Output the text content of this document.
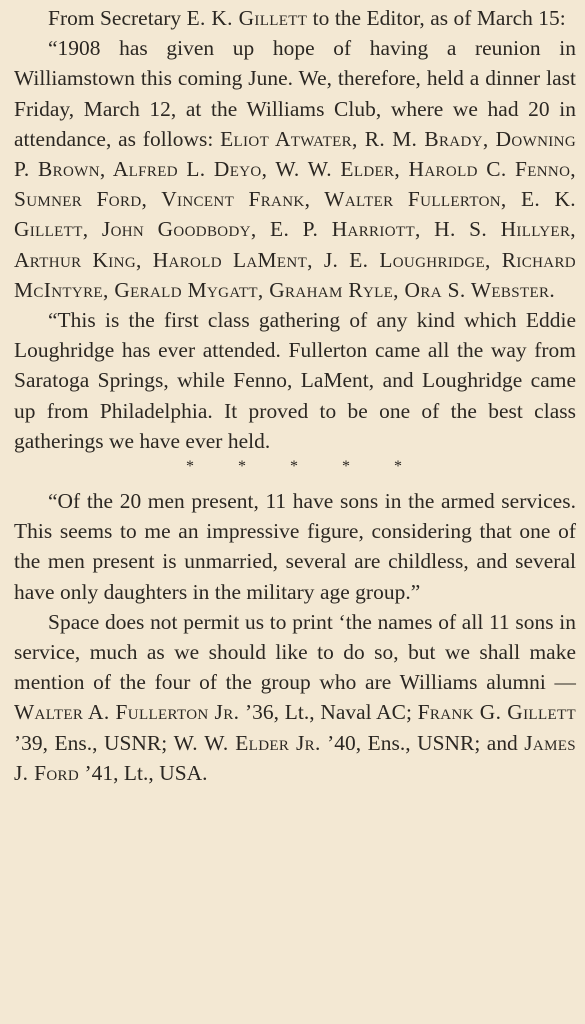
From Secretary E. K. Gillett to the Editor, as of March 15:

“1908 has given up hope of having a reunion in Williamstown this coming June. We, therefore, held a dinner last Friday, March 12, at the Williams Club, where we had 20 in attendance, as follows: Eliot Atwater, R. M. Brady, Downing P. Brown, Alfred L. Deyo, W. W. Elder, Harold C. Fenno, Sumner Ford, Vincent Frank, Walter Fullerton, E. K. Gillett, John Goodbody, E. P. Harriott, H. S. Hillyer, Arthur King, Harold LaMent, J. E. Loughridge, Richard McIntyre, Gerald Mygatt, Graham Ryle, Ora S. Webster.

“This is the first class gathering of any kind which Eddie Loughridge has ever attended. Fullerton came all the way from Saratoga Springs, while Fenno, LaMent, and Loughridge came up from Philadelphia. It proved to be one of the best class gatherings we have ever held.

* * * * *

“Of the 20 men present, 11 have sons in the armed services. This seems to me an impressive figure, considering that one of the men present is unmarried, several are childless, and several have only daughters in the military age group.”

Space does not permit us to print ‘the names of all 11 sons in service, much as we should like to do so, but we shall make mention of the four of the group who are Williams alumni — Walter A. Fullerton Jr. ’36, Lt., Naval AC; Frank G. Gillett ’39, Ens., USNR; W. W. Elder Jr. ’40, Ens., USNR; and James J. Ford ’41, Lt., USA.
